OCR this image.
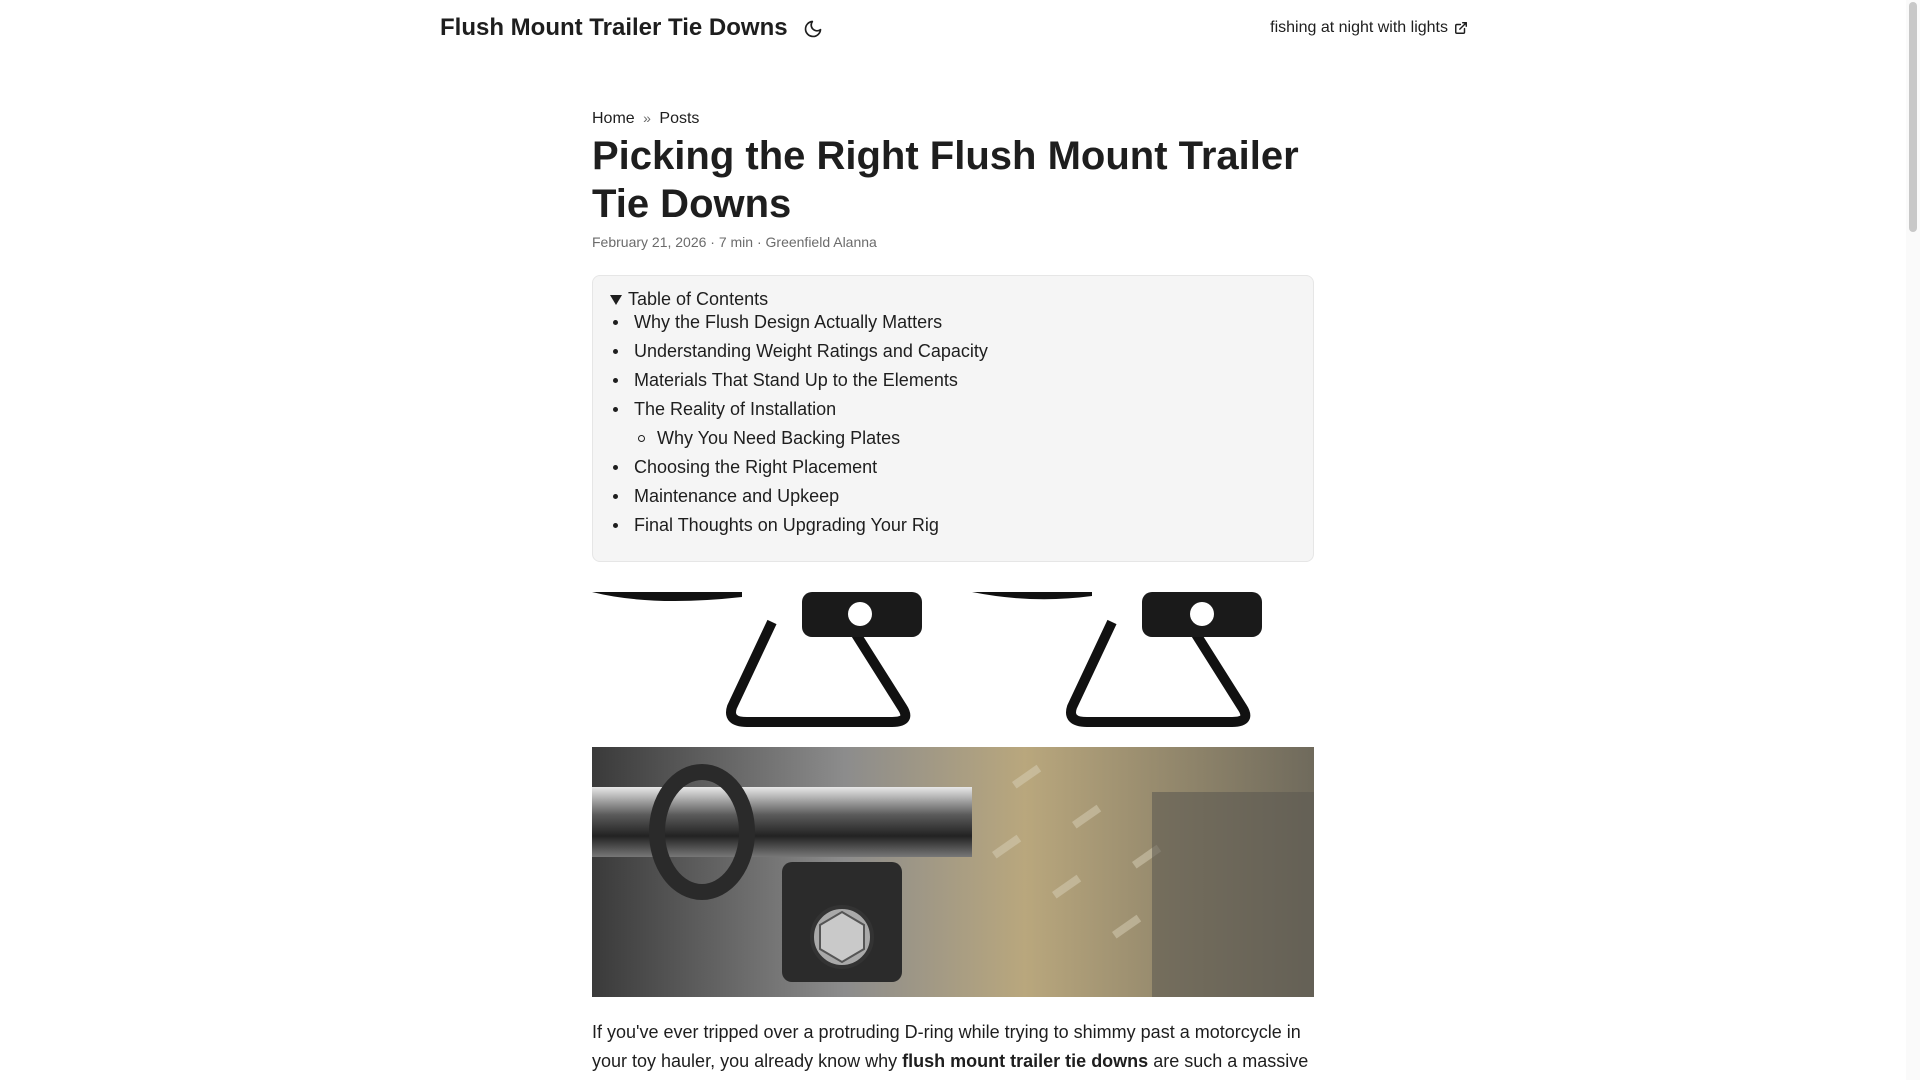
Flush Mount Trailer Tie Downs	fishing at night with lights
Home » Posts
Picking the Right Flush Mount Trailer Tie Downs
February 21, 2026 · 7 min · Greenfield Alanna
Table of Contents
Why the Flush Design Actually Matters
Understanding Weight Ratings and Capacity
Materials That Stand Up to the Elements
The Reality of Installation
Why You Need Backing Plates
Choosing the Right Placement
Maintenance and Upkeep
Final Thoughts on Upgrading Your Rig

If you've ever tripped over a protruding D-ring while trying to shimmy past a motorcycle in your toy hauler, you already know why flush mount trailer tie downs are such a massive
